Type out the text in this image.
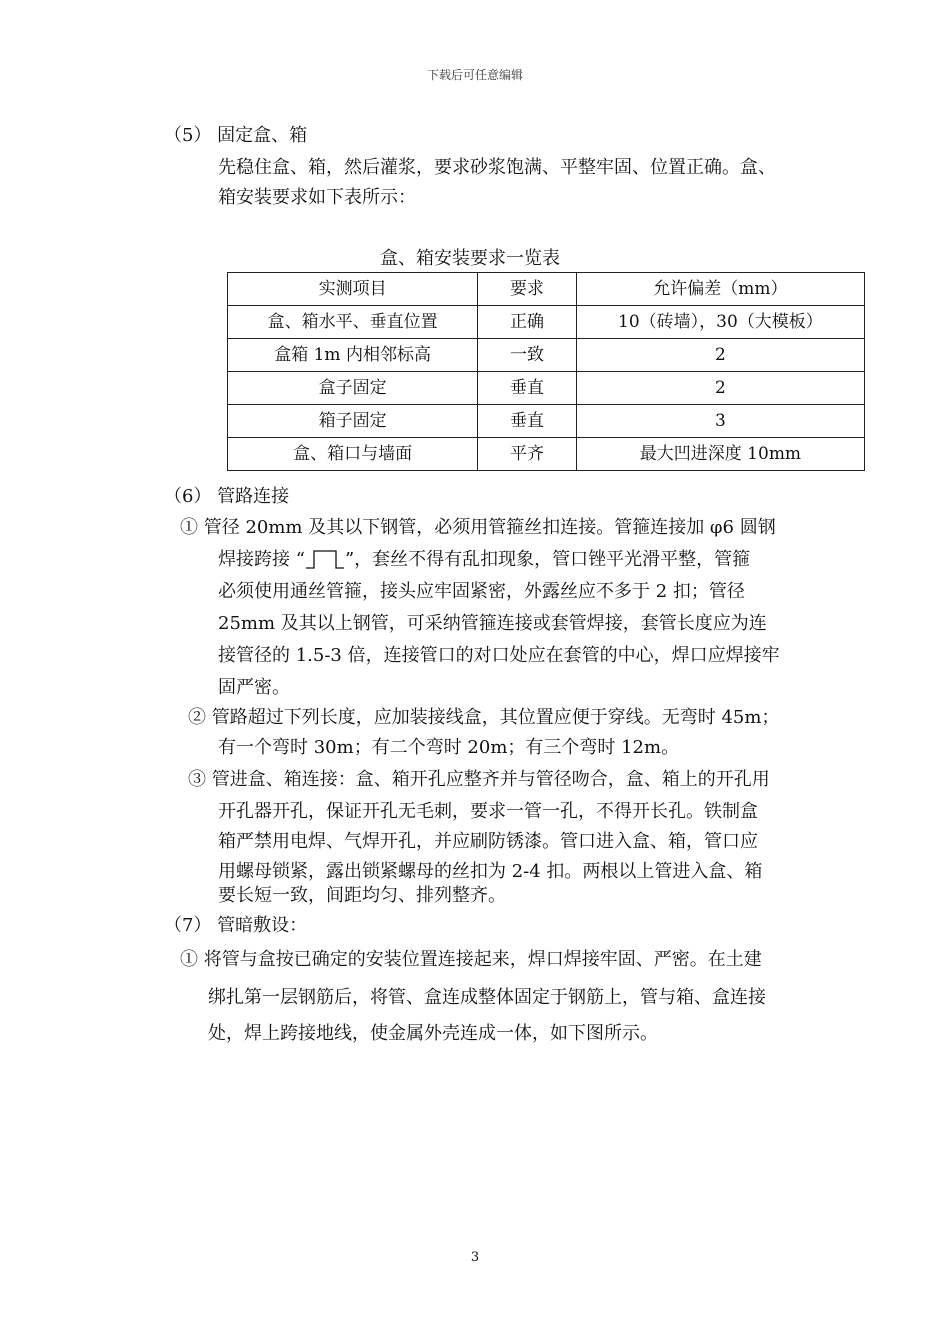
下载后可任意编辑
（5） 固定盒、箱
先稳住盒、箱，然后灌浆，要求砂浆饱满、平整牢固、位置正确。盒、
箱安装要求如下表所示：
盒、箱安装要求一览表
实测项目	要求	允许偏差（mm）
盒、箱水平、垂直位置	正确	10（砖墙），30（大模板）
盒箱 1m 内相邻标高	一致	2
盒子固定	垂直	2
箱子固定	垂直	3
盒、箱口与墙面	平齐	最大凹进深度 10mm
（6） 管路连接
① 管径 20mm 及其以下钢管，必须用管箍丝扣连接。管箍连接加 φ6 圆钢
焊接跨接 “ ”，套丝不得有乱扣现象，管口锉平光滑平整，管箍
必须使用通丝管箍，接头应牢固紧密，外露丝应不多于 2 扣；管径
25mm 及其以上钢管，可采纳管箍连接或套管焊接，套管长度应为连
接管径的 1.5-3 倍，连接管口的对口处应在套管的中心，焊口应焊接牢
固严密。
② 管路超过下列长度，应加装接线盒，其位置应便于穿线。无弯时 45m；
有一个弯时 30m；有二个弯时 20m；有三个弯时 12m。
③ 管进盒、箱连接：盒、箱开孔应整齐并与管径吻合，盒、箱上的开孔用
开孔器开孔，保证开孔无毛刺，要求一管一孔，不得开长孔。铁制盒
箱严禁用电焊、气焊开孔，并应刷防锈漆。管口进入盒、箱，管口应
用螺母锁紧，露出锁紧螺母的丝扣为 2-4 扣。两根以上管进入盒、箱
要长短一致，间距均匀、排列整齐。
（7） 管暗敷设：
① 将管与盒按已确定的安装位置连接起来，焊口焊接牢固、严密。在土建
绑扎第一层钢筋后，将管、盒连成整体固定于钢筋上，管与箱、盒连接
处，焊上跨接地线，使金属外壳连成一体，如下图所示。
3
